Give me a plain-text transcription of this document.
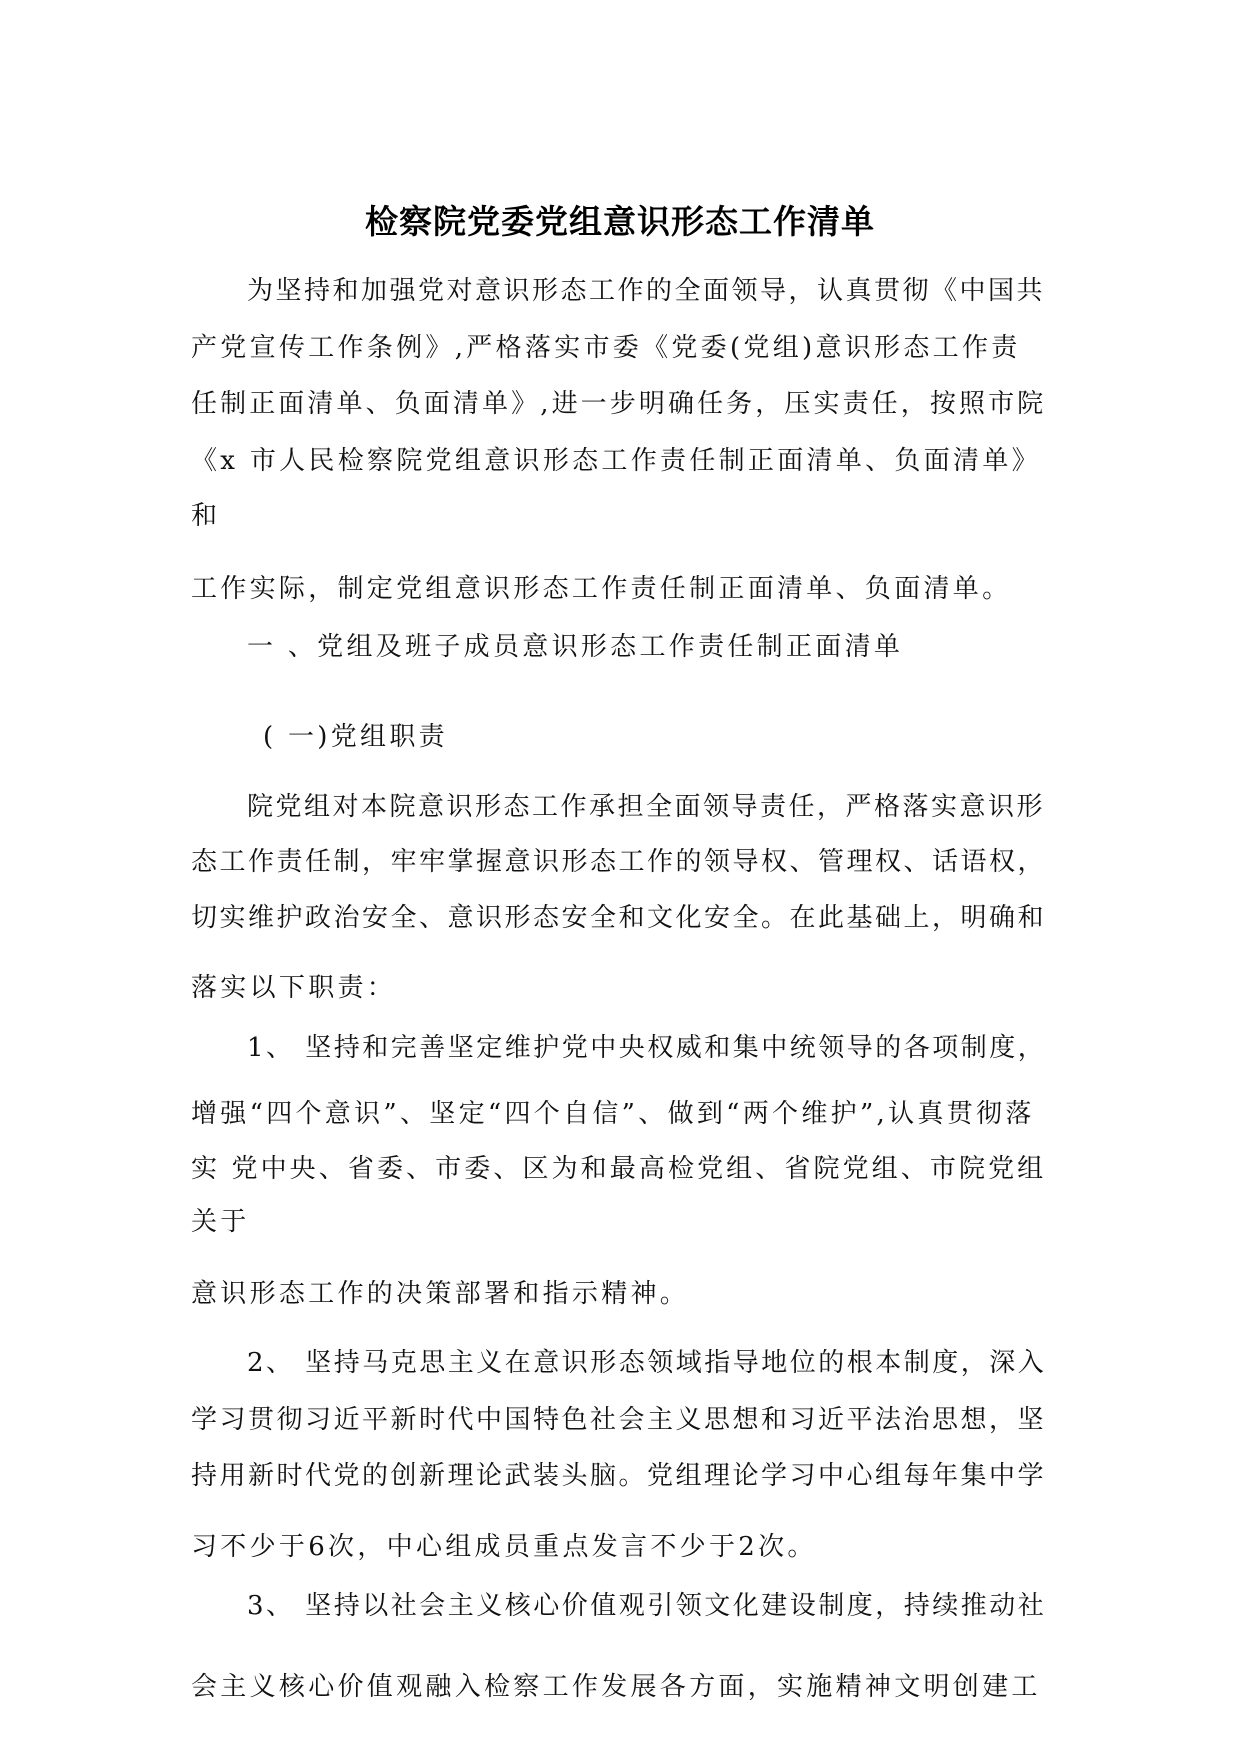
检察院党委党组意识形态工作清单
为坚持和加强党对意识形态工作的全面领导，认真贯彻《中国共
产党宣传工作条例》,严格落实市委《党委(党组)意识形态工作责
任制正面清单、负面清单》,进一步明确任务，压实责任，按照市院
《x 市人民检察院党组意识形态工作责任制正面清单、负面清单》
和
工作实际，制定党组意识形态工作责任制正面清单、负面清单。
一 、党组及班子成员意识形态工作责任制正面清单
( 一)党组职责
院党组对本院意识形态工作承担全面领导责任，严格落实意识形
态工作责任制，牢牢掌握意识形态工作的领导权、管理权、话语权，
切实维护政治安全、意识形态安全和文化安全。在此基础上，明确和
落实以下职责：
1、 坚持和完善坚定维护党中央权威和集中统领导的各项制度，
增强“四个意识”、坚定“四个自信”、做到“两个维护”,认真贯彻落
实 党中央、省委、市委、区为和最高检党组、省院党组、市院党组
关于
意识形态工作的决策部署和指示精神。
2、 坚持马克思主义在意识形态领域指导地位的根本制度，深入
学习贯彻习近平新时代中国特色社会主义思想和习近平法治思想，坚
持用新时代党的创新理论武装头脑。党组理论学习中心组每年集中学
习不少于6次，中心组成员重点发言不少于2次。
3、 坚持以社会主义核心价值观引领文化建设制度，持续推动社
会主义核心价值观融入检察工作发展各方面，实施精神文明创建工
